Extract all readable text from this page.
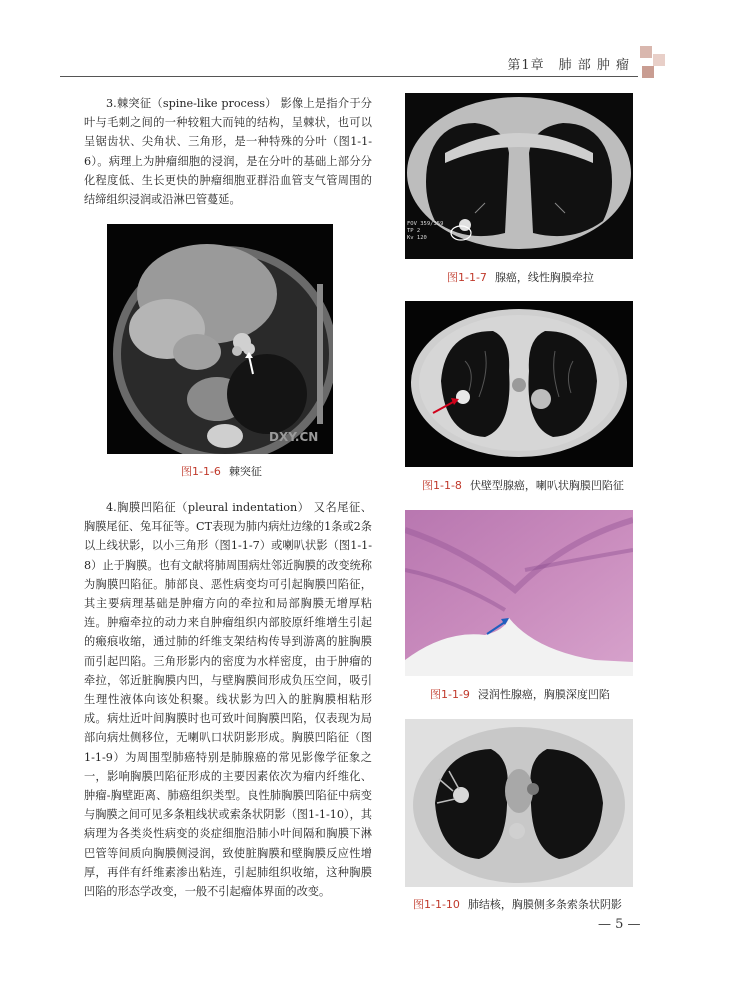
第1章　肺 部 肿 瘤

3.棘突征（spine-like process） 影像上是指介于分叶与毛刺之间的一种较粗大而钝的结构，呈棘状，也可以呈锯齿状、尖角状、三角形，是一种特殊的分叶（图1-1-6）。病理上为肿瘤细胞的浸润，是在分叶的基础上部分分化程度低、生长更快的肿瘤细胞亚群沿血管支气管周围的结缔组织浸润或沿淋巴管蔓延。

DXY.CN
图1-1-6 棘突征

4.胸膜凹陷征（pleural indentation） 又名尾征、胸膜尾征、兔耳征等。CT表现为肺内病灶边缘的1条或2条以上线状影，以小三角形（图1-1-7）或喇叭状影（图1-1-8）止于胸膜。也有文献将肺周围病灶邻近胸膜的改变统称为胸膜凹陷征。肺部良、恶性病变均可引起胸膜凹陷征，其主要病理基础是肿瘤方向的牵拉和局部胸膜无增厚粘连。肿瘤牵拉的动力来自肿瘤组织内部胶原纤维增生引起的瘢痕收缩，通过肺的纤维支架结构传导到游离的脏胸膜而引起凹陷。三角形影内的密度为水样密度，由于肿瘤的牵拉，邻近脏胸膜内凹，与壁胸膜间形成负压空间，吸引生理性液体向该处积聚。线状影为凹入的脏胸膜相粘形成。病灶近叶间胸膜时也可致叶间胸膜凹陷，仅表现为局部向病灶侧移位，无喇叭口状阴影形成。胸膜凹陷征（图1-1-9）为周围型肺癌特别是肺腺癌的常见影像学征象之一，影响胸膜凹陷征形成的主要因素依次为瘤内纤维化、肿瘤-胸壁距离、肺癌组织类型。良性肺胸膜凹陷征中病变与胸膜之间可见多条粗线状或索条状阴影（图1-1-10），其病理为各类炎性病变的炎症细胞沿肺小叶间隔和胸膜下淋巴管等间质向胸膜侧浸润，致使脏胸膜和壁胸膜反应性增厚，再伴有纤维素渗出粘连，引起肺组织收缩，这种胸膜凹陷的形态学改变，一般不引起瘤体界面的改变。

FOV 359/359
TP 2
Kv 120
图1-1-7 腺癌，线性胸膜牵拉
图1-1-8 伏壁型腺癌，喇叭状胸膜凹陷征
图1-1-9 浸润性腺癌，胸膜深度凹陷
图1-1-10 肺结核，胸膜侧多条索条状阴影
— 5 —
